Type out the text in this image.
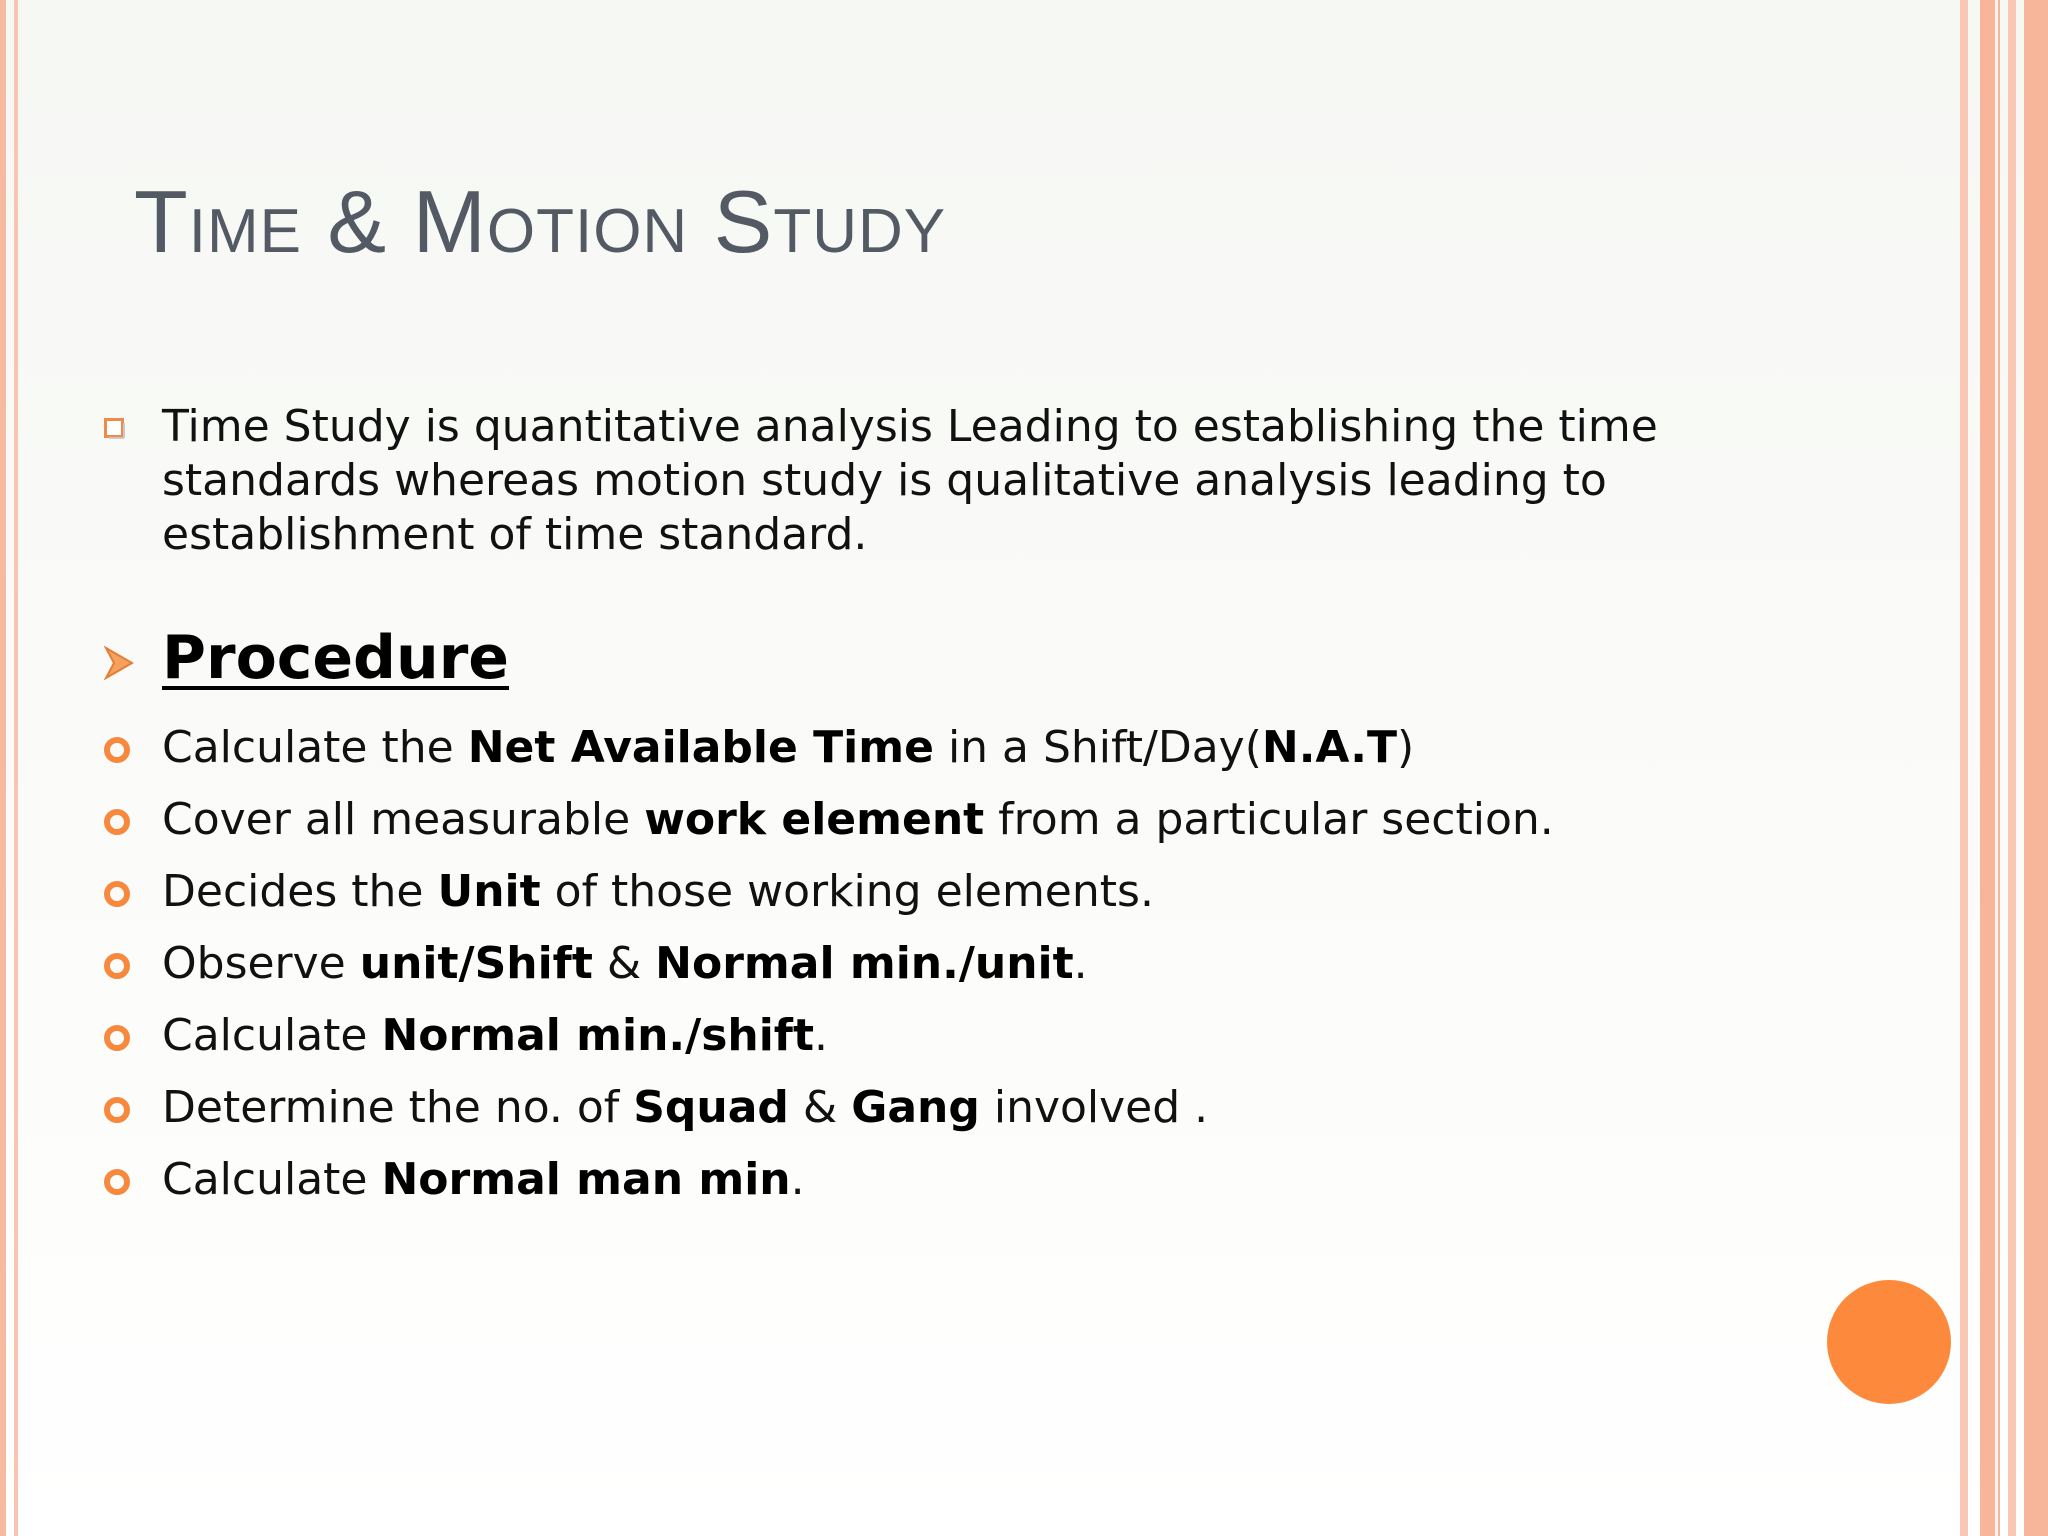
Time & Motion Study

Time Study is quantitative analysis Leading to establishing the time standards whereas motion study is qualitative analysis leading to establishment of time standard.

Procedure
Calculate the Net Available Time in a Shift/Day(N.A.T)
Cover all measurable work element from a particular section.
Decides the Unit of those working elements.
Observe unit/Shift & Normal min./unit.
Calculate Normal min./shift.
Determine the no. of Squad & Gang involved .
Calculate Normal man min.
